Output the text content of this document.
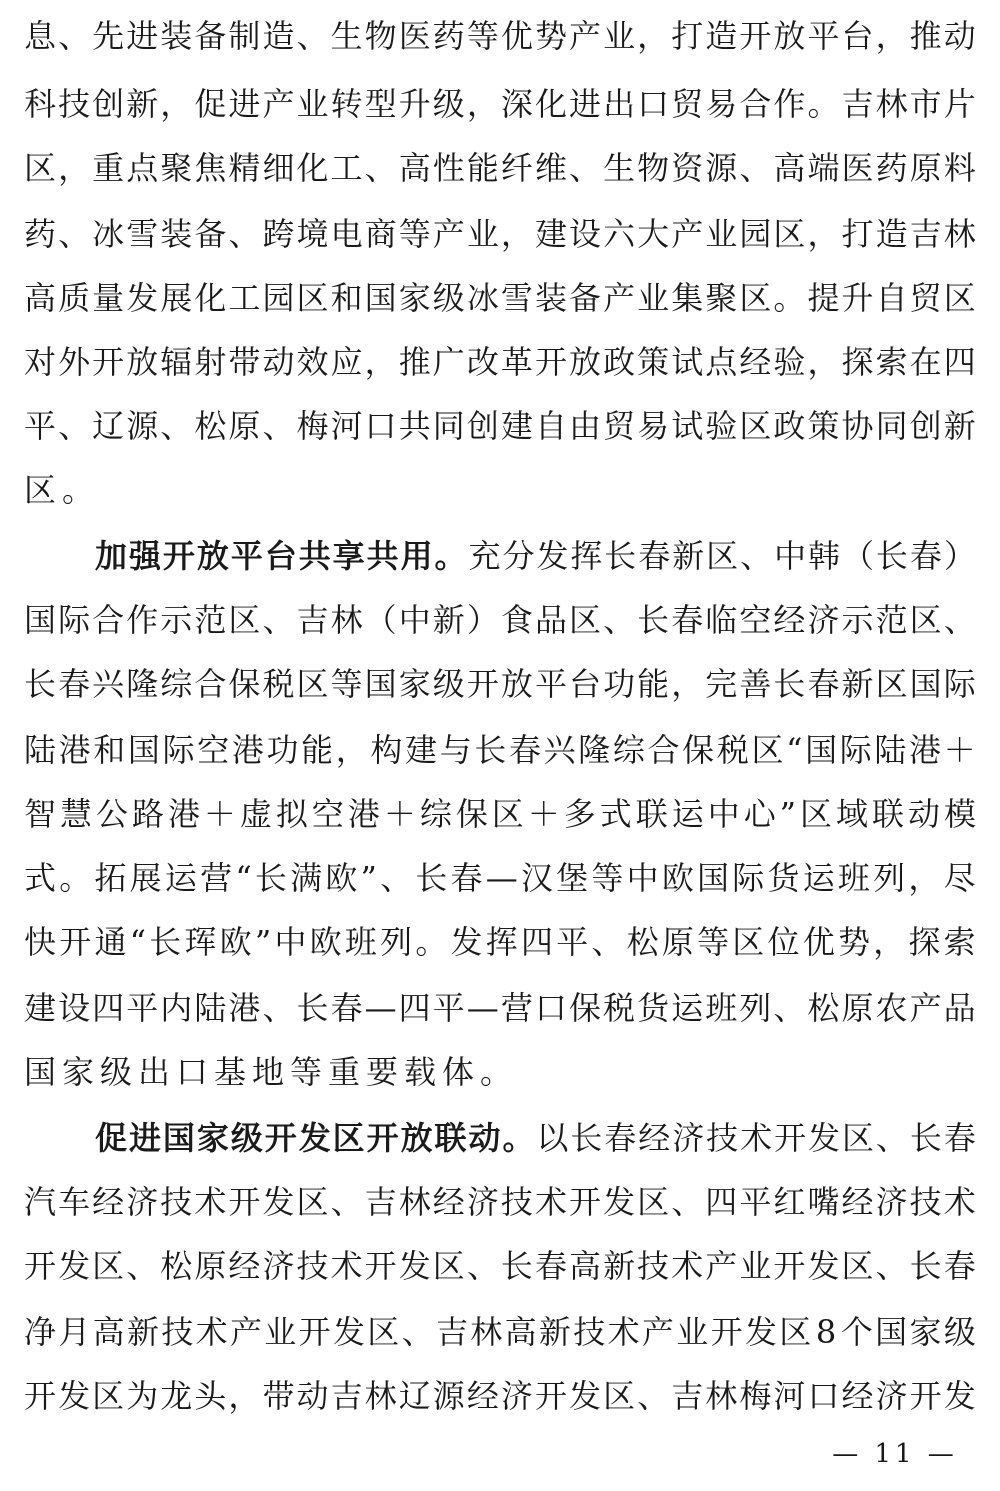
息 、 先 进 装 备 制 造 、 生 物 医 药 等 优 势 产 业 ， 打 造 开 放 平 台 ， 推 动
科 技 创 新 ， 促 进 产 业 转 型 升 级 ， 深 化 进 出 口 贸 易 合 作 。 吉 林 市 片
区 ， 重 点 聚 焦 精 细 化 工 、 高 性 能 纤 维 、 生 物 资 源 、 高 端 医 药 原 料
药 、 冰 雪 装 备 、 跨 境 电 商 等 产 业 ， 建 设 六 大 产 业 园 区 ， 打 造 吉 林
高 质 量 发 展 化 工 园 区 和 国 家 级 冰 雪 装 备 产 业 集 聚 区 。 提 升 自 贸 区
对 外 开 放 辐 射 带 动 效 应 ， 推 广 改 革 开 放 政 策 试 点 经 验 ， 探 索 在 四
平 、 辽 源 、 松 原 、 梅 河 口 共 同 创 建 自 由 贸 易 试 验 区 政 策 协 同 创 新
区。
加 强 开 放 平 台 共 享 共 用 。 充 分 发 挥 长 春 新 区 、 中 韩 （ 长 春 ）
国 际 合 作 示 范 区 、 吉 林 （ 中 新 ） 食 品 区 、 长 春 临 空 经 济 示 范 区 、
长 春 兴 隆 综 合 保 税 区 等 国 家 级 开 放 平 台 功 能 ， 完 善 长 春 新 区 国 际
陆 港 和 国 际 空 港 功 能 ， 构 建 与 长 春 兴 隆 综 合 保 税 区 “ 国 际 陆 港 ＋
智 慧 公 路 港 ＋ 虚 拟 空 港 ＋ 综 保 区 ＋ 多 式 联 运 中 心 ” 区 域 联 动 模
式 。 拓 展 运 营 “ 长 满 欧 ” 、 长 春 — 汉 堡 等 中 欧 国 际 货 运 班 列 ， 尽
快 开 通 “ 长 珲 欧 ” 中 欧 班 列 。 发 挥 四 平 、 松 原 等 区 位 优 势 ， 探 索
建 设 四 平 内 陆 港 、 长 春 — 四 平 — 营 口 保 税 货 运 班 列 、 松 原 农 产 品
国家级出口基地等重要载体。
促 进 国 家 级 开 发 区 开 放 联 动 。 以 长 春 经 济 技 术 开 发 区 、 长 春
汽 车 经 济 技 术 开 发 区 、 吉 林 经 济 技 术 开 发 区 、 四 平 红 嘴 经 济 技 术
开 发 区 、 松 原 经 济 技 术 开 发 区 、 长 春 高 新 技 术 产 业 开 发 区 、 长 春
净 月 高 新 技 术 产 业 开 发 区 、 吉 林 高 新 技 术 产 业 开 发 区 8 个 国 家 级
开 发 区 为 龙 头 ， 带 动 吉 林 辽 源 经 济 开 发 区 、 吉 林 梅 河 口 经 济 开 发
— 11 —
